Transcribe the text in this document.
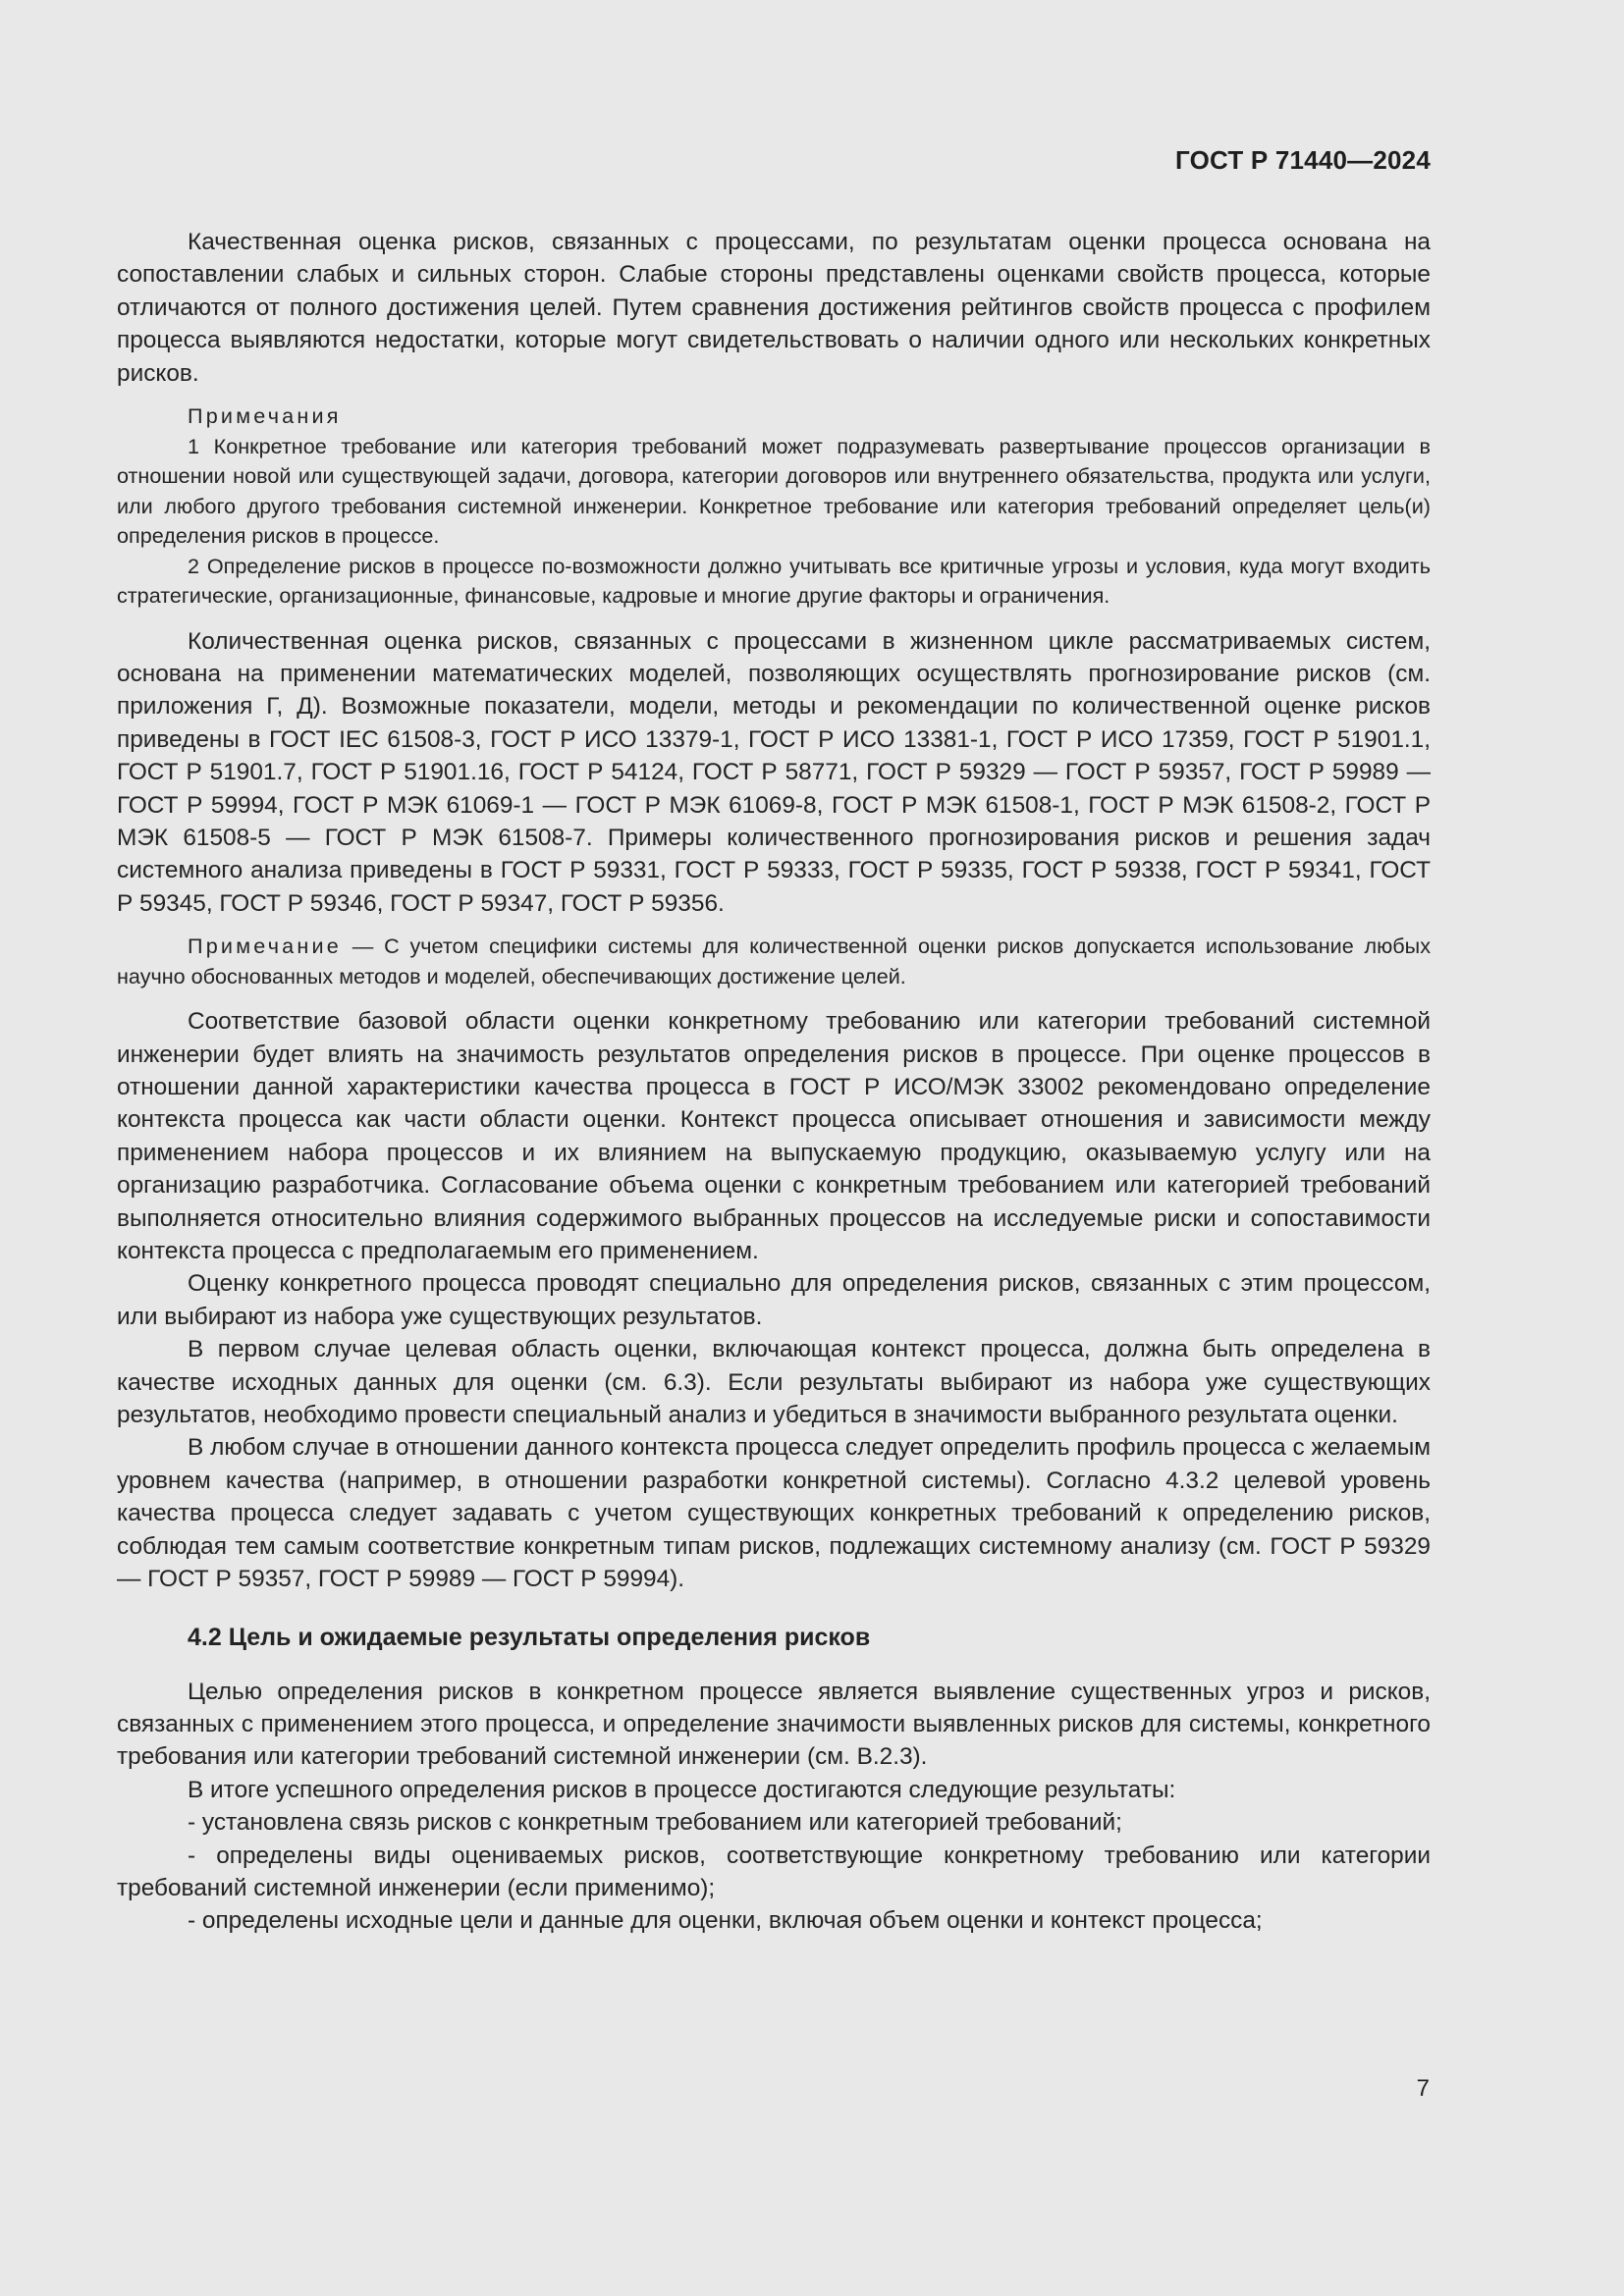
ГОСТ Р 71440—2024

Качественная оценка рисков, связанных с процессами, по результатам оценки процесса основана на сопоставлении слабых и сильных сторон. Слабые стороны представлены оценками свойств процесса, которые отличаются от полного достижения целей. Путем сравнения достижения рейтингов свойств процесса с профилем процесса выявляются недостатки, которые могут свидетельствовать о наличии одного или нескольких конкретных рисков.

Примечания

1 Конкретное требование или категория требований может подразумевать развертывание процессов организации в отношении новой или существующей задачи, договора, категории договоров или внутреннего обязательства, продукта или услуги, или любого другого требования системной инженерии. Конкретное требование или категория требований определяет цель(и) определения рисков в процессе.

2 Определение рисков в процессе по-возможности должно учитывать все критичные угрозы и условия, куда могут входить стратегические, организационные, финансовые, кадровые и многие другие факторы и ограничения.

Количественная оценка рисков, связанных с процессами в жизненном цикле рассматриваемых систем, основана на применении математических моделей, позволяющих осуществлять прогнозирование рисков (см. приложения Г, Д). Возможные показатели, модели, методы и рекомендации по количественной оценке рисков приведены в ГОСТ IEC 61508-3, ГОСТ Р ИСО 13379-1, ГОСТ Р ИСО 13381-1, ГОСТ Р ИСО 17359, ГОСТ Р 51901.1, ГОСТ Р 51901.7, ГОСТ Р 51901.16, ГОСТ Р 54124, ГОСТ Р 58771, ГОСТ Р 59329 — ГОСТ Р 59357, ГОСТ Р 59989 — ГОСТ Р 59994, ГОСТ Р МЭК 61069-1 — ГОСТ Р МЭК 61069-8, ГОСТ Р МЭК 61508-1, ГОСТ Р МЭК 61508-2, ГОСТ Р МЭК 61508-5 — ГОСТ Р МЭК 61508-7. Примеры количественного прогнозирования рисков и решения задач системного анализа приведены в ГОСТ Р 59331, ГОСТ Р 59333, ГОСТ Р 59335, ГОСТ Р 59338, ГОСТ Р 59341, ГОСТ Р 59345, ГОСТ Р 59346, ГОСТ Р 59347, ГОСТ Р 59356.

Примечание — С учетом специфики системы для количественной оценки рисков допускается использование любых научно обоснованных методов и моделей, обеспечивающих достижение целей.

Соответствие базовой области оценки конкретному требованию или категории требований системной инженерии будет влиять на значимость результатов определения рисков в процессе. При оценке процессов в отношении данной характеристики качества процесса в ГОСТ Р ИСО/МЭК 33002 рекомендовано определение контекста процесса как части области оценки. Контекст процесса описывает отношения и зависимости между применением набора процессов и их влиянием на выпускаемую продукцию, оказываемую услугу или на организацию разработчика. Согласование объема оценки с конкретным требованием или категорией требований выполняется относительно влияния содержимого выбранных процессов на исследуемые риски и сопоставимости контекста процесса с предполагаемым его применением.

Оценку конкретного процесса проводят специально для определения рисков, связанных с этим процессом, или выбирают из набора уже существующих результатов.

В первом случае целевая область оценки, включающая контекст процесса, должна быть определена в качестве исходных данных для оценки (см. 6.3). Если результаты выбирают из набора уже существующих результатов, необходимо провести специальный анализ и убедиться в значимости выбранного результата оценки.

В любом случае в отношении данного контекста процесса следует определить профиль процесса с желаемым уровнем качества (например, в отношении разработки конкретной системы). Согласно 4.3.2 целевой уровень качества процесса следует задавать с учетом существующих конкретных требований к определению рисков, соблюдая тем самым соответствие конкретным типам рисков, подлежащих системному анализу (см. ГОСТ Р 59329 — ГОСТ Р 59357, ГОСТ Р 59989 — ГОСТ Р 59994).

4.2 Цель и ожидаемые результаты определения рисков

Целью определения рисков в конкретном процессе является выявление существенных угроз и рисков, связанных с применением этого процесса, и определение значимости выявленных рисков для системы, конкретного требования или категории требований системной инженерии (см. В.2.3).

В итоге успешного определения рисков в процессе достигаются следующие результаты:

- установлена связь рисков с конкретным требованием или категорией требований;

- определены виды оцениваемых рисков, соответствующие конкретному требованию или категории требований системной инженерии (если применимо);

- определены исходные цели и данные для оценки, включая объем оценки и контекст процесса;

7
